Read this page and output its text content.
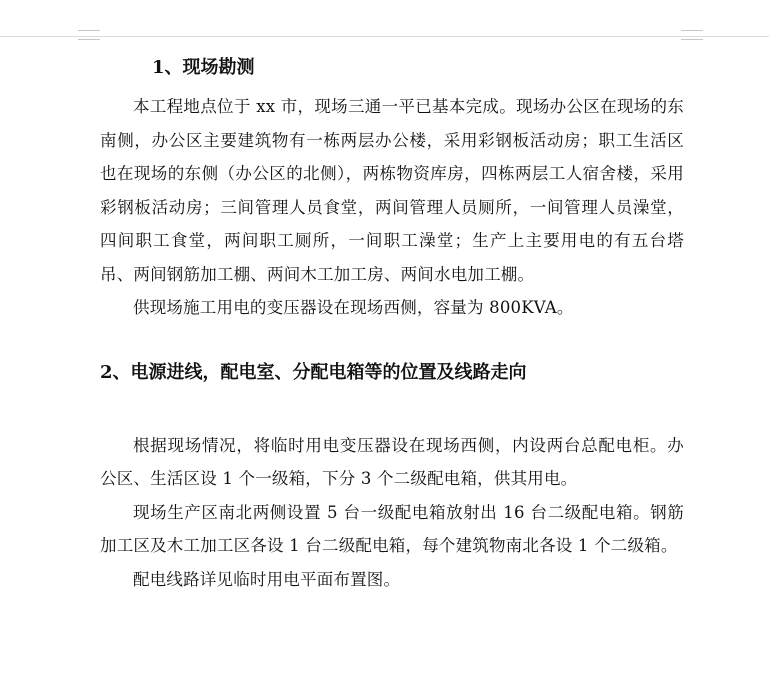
1、现场勘测

本工程地点位于 xx 市，现场三通一平已基本完成。现场办公区在现场的东南侧，办公区主要建筑物有一栋两层办公楼，采用彩钢板活动房；职工生活区也在现场的东侧（办公区的北侧），两栋物资库房，四栋两层工人宿舍楼，采用彩钢板活动房；三间管理人员食堂，两间管理人员厕所，一间管理人员澡堂，四间职工食堂，两间职工厕所，一间职工澡堂；生产上主要用电的有五台塔吊、两间钢筋加工棚、两间木工加工房、两间水电加工棚。

供现场施工用电的变压器设在现场西侧，容量为 800KVA。

2、电源进线，配电室、分配电箱等的位置及线路走向

根据现场情况，将临时用电变压器设在现场西侧，内设两台总配电柜。办公区、生活区设 1 个一级箱，下分 3 个二级配电箱，供其用电。

现场生产区南北两侧设置 5 台一级配电箱放射出 16 台二级配电箱。钢筋加工区及木工加工区各设 1 台二级配电箱，每个建筑物南北各设 1 个二级箱。

配电线路详见临时用电平面布置图。
